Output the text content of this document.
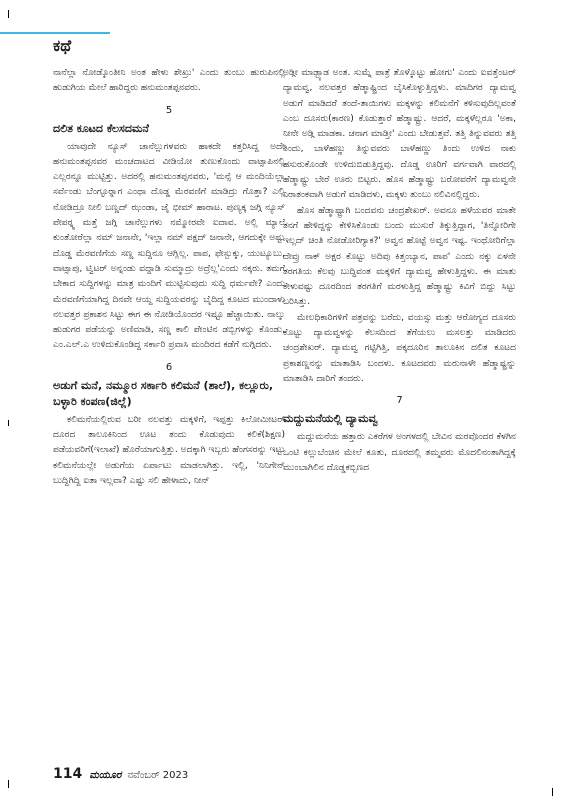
ಕಥೆ

ನಾನೆಲ್ಲಾ ನೋಡ್ಕೊಂತೀನಿ ಅಂತ ಹೇಳು ಶೇಖ್ರು' ಎಂದು ತುಂಬು ಹುರುಪಿನಲ್ಲಿ ಹುಡುಗಿಯ ಮೇಲೆ ಹಾರಿದ್ದರು ಹನುಮಂತಪ್ಪನವರು.

5
ದಲಿತ ಕೂಟದ ಕೆಲಸದಮನೆ

ಯಾವುದೇ ನ್ಯೂಸ್ ಚಾನೆಲ್ಲುಗಳವರು ಹಾಕದೇ ಕತ್ತರಿಸಿದ್ದ ಅದೇ ಹನುಮಂತಪ್ಪನವರ ಮಂಚದಾಟದ ವೀಡಿಯೋ ತುಣುಕೊಂದು ವಾಟ್ಸಾಪಿನಲ್ಲಿ ಎಲ್ಲರನ್ನೂ ಮುಟ್ಟಿತ್ತು. ಅದರಲ್ಲಿ ಹನುಮಂತಪ್ಪನವರು, 'ಮನ್ಸೆ ಆ ಮಂದಿಯೆಲ್ಲಾ ಸರ್ವೆಂಡು ಬೆಂಗ್ಳೂರ್‍ನಾಗ ಎಂಥಾ ದೊಡ್ಡ ಮೆರವಣಿಗೆ ಮಾಡಿದ್ರು ಗೊತ್ತಾ? ಎಲ್ಲಿ ನೋಡಿದ್ರೂ ನೀಲಿ ಬಣ್ಣದ್ ಝಂಡಾ, ಜೈ ಭೀಮ್ ಹಾರಾಟ. ಪುಣ್ಯಕ್ಕ ಜಗ್ಗಿ ನ್ಯೂಸ್ ಪೇಪರ್‍ನ್ನ ಮತ್ತೆ ಜಗ್ಗಿ ಚಾನೆಲ್ಲುಗಳು ನಮ್ಮೋರವೇ ಐದಾವ. ಅಲ್ಲಿ ಮ್ಯಾಲೆ ಕುಂತೋರೆಲ್ಲಾ ನಮ್ ಜನಾನೇ, 'ಇಲ್ಲಾ ನಮ್ ಪಕ್ಷದ್ ಜನಾನೇ, ಆಗದುಕ್ಕೇ ಅಷ್ಟು ದೊಡ್ಡ ಮೆರವಣಿಗೆಯ ಸಣ್ಣ ಸುದ್ದಿನೂ ಆಗ್ಲಿಲ್ಲ. ಪಾಪ, ಫೇಸ್ಬುಕ್ಕು, ಯುಟ್ಯೂಬು, ವಾಟ್ಸಾಪು, ಟ್ವಿಟರ್ ಅನ್ನಂಡು ವದ್ದಾಡಿ ಸುಮ್ಮಾದ್ರು ಅದ್ರೆಲ್ಲ'ಎಂದು ನಕ್ಕರು. ತಮಗೆ ಬೇಕಾದ ಸುದ್ದಿಗಳನ್ನು ಮಾತ್ರ ಮಂದಿಗೆ ಮುಟ್ಟಿಸುವುದು ಸುದ್ದಿ ಧರ್ಮವೇ? ಎಂದು ಮೆರವಣಿಗೆಯಾಗಿದ್ದ ದಿನವೇ ಆಯ್ದ ಸುದ್ದಿಯವರನ್ನು ಬೈದಿದ್ದ ಕೂಟದ ಮುಂದಾಳು ನಲವತ್ತರ ಪ್ರಕಾಶನ ಸಿಟ್ಟು ಈಗ ಈ ನೋಡಿಯೊಂದರ ಇಷ್ಟೂ ಹೆಚ್ಚಾಯಿತು. ನಾಲ್ಕು ಹುಡುಗರ ಪಡೆಯನ್ನು ಅಣಿಮಾಡಿ, ಸಣ್ಣ ಕಾಲಿ ಪೇಂಟಿನ ಡಬ್ಬಿಗಳನ್ನು ಕೊಂಡು, ಎಂ.ಎಲ್.ಎ ಉಳಿದುಕೊಂಡಿದ್ದ ಸರ್ಕಾರಿ ಪ್ರವಾಸಿ ಮಂದಿರದ ಕಡೆಗೆ ನುಗ್ಗಿದರು.

6
ಅಡುಗೆ ಮನೆ, ನಮ್ಮೂರ ಸರ್ಕಾರಿ ಕಲಿಮನೆ (ಶಾಲೆ), ಕಲ್ಲೂರು, ಬಳ್ಳಾರಿ ಕಂಪಣ(ಜಿಲ್ಲೆ)

ಕಲಿಮನೆಯಲ್ಲಿರುವ ಬರೀ ನಲವತ್ತು ಮಕ್ಕಳಿಗೆ, ಇಪ್ಪತ್ತು ಕಿಲೋಮೀಟರ್ ದೂರದ ತಾಲೂಕಿನಿಂದ ಊಟ ತಂದು ಕೊಡುವುದು ಕಲಿಕೆ(ಶಿಕ್ಷಣ) ಪಡೆಯವರಿಗೆ(ಇಲಾಖೆ) ಹೊರೆಯಾಗುತ್ತಿತ್ತು. ಅದಕ್ಕಾಗಿ ಇಬ್ಬರು ಹೆಂಗಸರನ್ನು ಇಟ್ಟು ಕಲಿಮನೆಯಲ್ಲೇ ಅಡುಗೆಯ ಏರ್ಪಾಟು ಮಾಡಲಾಗಿತ್ತು. ಇಲ್ಲಿ, 'ನಿನಿಗೇನ್ ಬುದ್ದಿಗಿದ್ದಿ ಐತಾ ಇಲ್ಲವಾ? ಎಷ್ಟು ಸಲಿ ಹೇಳಾದು, ನೀನ್

ಅಡ್ಗೀ ಮಾಡ್ಬ್ಯಾಡ ಅಂತ. ಸುಮ್ನೆ ಪಾತ್ರೆ ತೊಳ್ಕೊಟ್ಟು ಹೋಗು' ಎಂದು ಐವತ್ತೆಂಟರ್ ದ್ಯಾಮವ್ವ, ನಲವತ್ತರ ಹೆಡ್ಮಾಷ್ಟ್ರಿಂದ ಬೈಸಿಕೊಳ್ಳುತ್ತಿದ್ದಳು. ಮಾದಿಗರ ದ್ಯಾಮವ್ವ ಅಡುಗೆ ಮಾಡಿದರೆ ತಂದೆ-ತಾಯಿಗಳು ಮಕ್ಕಳನ್ನು ಕಲಿಮನೆಗೆ ಕಳಿಸುವುದಿಲ್ಲವಂತೆ ಎಂಬ ದೂಸರು(ಕಾರಣ) ಕೊಡುತ್ತಾರೆ ಹೆಡ್ಮಾಷ್ಟ್ರು. ಆದರೆ, ಮಕ್ಕಳೆಲ್ಲರೂ 'ಅಕಾ, ನೀನೇ ಅಡ್ಗಿ ಮಾಡಕಾ. ಚನಾಗ ಮಾಡ್ತೀ' ಎಂದು ಬೇಡುತ್ತವೆ. ತತ್ತಿ ತಿನ್ನುವವರು ತತ್ತಿ ತಿಂದು, ಬಾಳೆಹಣ್ಣು ತಿನ್ನುವವರು ಬಾಳೆಹಣ್ಣು ತಿಂದು ಉಳಿದ ನಾಕು ಹಸುರುಕೊಂಡೇ ಉಳಿದುಬಿಡುತ್ತಿದ್ದವು. ದೊಡ್ಡ ಊರಿಗೆ ವರ್ಗವಾಗಿ ವಾರದಲ್ಲಿ ಹೆಡ್ಮಾಷ್ಟ್ರು ಬೇರೆ ಊರು ಬಿಟ್ಟರು. ಹೊಸ ಹೆಡ್ಮಾಷ್ಟ್ರು ಬರೋವರೆಗೆ ದ್ಯಾಮವ್ವನೇ ನಿರಾತಂಕವಾಗಿ ಅಡುಗೆ ಮಾಡಿದಳು, ಮಕ್ಕಳು ತುಂಬು ನಲಿವಿನಲ್ಲಿದ್ದರು.

ಹೊಸ ಹೆಡ್ಮಾಷ್ಟ್ರಾಗಿ ಬಂದವನು ಚಂದ್ರಶೇಖರ್. ಅವನೂ ಹಳೆಯವರ ಮಾತೇ ತನಗೆ ಹೇಳಿದ್ದನ್ನು ಕೇಳಿಸಿಕೊಂಡು ಬಂದು ಮುಸುರೆ ತಿಕ್ಕುತ್ತಿದ್ದಾಗ, 'ತಿನ್ನೋರಿಗೇ ಇಲ್ಲದ್ ಚಿಂತಿ ನೋಡೋರಿಗ್ಯಾಕ?' ಅವ್ವನ ಹೊಟ್ಟೆ ಅವ್ವನ ಇಷ್ಟ. ಇಂಥೋರಿಗೆಲ್ಲಾ ದೇವ್ರು ನಾಕ್ ಅಕ್ಷರ ಕೊಟ್ಟು ಅದಿವು ಕಿತ್ತಂಬ್ಯಾನ, ಪಾಪ' ಎಂದು ನಕ್ಕು ಏಳನೇ ತರಗತಿಯ ಕೆಲವು ಬುದ್ಧಿವಂತ ಮಕ್ಕಳಿಗೆ ದ್ಯಾಮವ್ವ ಹೇಳುತ್ತಿದ್ದಳು. ಈ ಮಾತು ಕೇಳುವಷ್ಟು ದೂರದಿಂದ ತರಗತಿಗೆ ಮರಳುತ್ತಿದ್ದ ಹೆಡ್ಮಾಷ್ಟ್ರು ಕಿವಿಗೆ ಬಿದ್ದು ಸಿಟ್ಟು ಬರಿಸಿತ್ತು.

ಮೇಲಧಿಕಾರಿಗಳಿಗೆ ಪತ್ರವನ್ನು ಬರೆದು, ವಯಸ್ಸು ಮತ್ತು ಆರೋಗ್ಯದ ದೂಸರು ಕೊಟ್ಟು ದ್ಯಾಮವ್ವಳನ್ನು ಕೆಲಸದಿಂದ ತೆಗೆಯಲು ಮಸಲತ್ತು ಮಾಡಿದರು ಚಂದ್ರಶೇಖರ್. ದ್ಯಾಮವ್ವ ಗಟ್ಟಿಗಿತ್ತಿ, ಪಕ್ಕದೂರಿನ ತಾಲೂಕಿನ ದಲಿತ ಕೂಟದ ಪ್ರಕಾಶಣ್ಣನನ್ನು ಮಾತಾಡಿಸಿ ಬಂದಳು. ಕೂಟದವರು ಮರುನಾಳೇ ಹೆಡ್ಮಾಷ್ಟ್ರನ್ನು ಮಾತಾಡಿಸಿ ದಾರಿಗೆ ತಂದರು.

7
ಮದ್ದುಮನೆಯಲ್ಲಿ ದ್ಯಾಮವ್ವ

ಮದ್ದುಮನೆಯ ಹತ್ತಾರು ಎಕರೆಗಳ ಅಂಗಳದಲ್ಲಿ ಬೇವಿನ ಮರವೊಂದರ ಕೆಳಗಿನ ಒಂಟಿ ಕಲ್ಲುಬೆಂಚಿನ ಮೇಲೆ ಕೂತು, ದೂರದಲ್ಲಿ ತಮ್ಮವರು ಮೊದಲಿನಂತಾಗಿದ್ದಕ್ಕೆ ಮುಂಬಾಗಿಲಿನ ದೊಡ್ಡಕಬ್ಬಿಣದ

114 ಮಯೂರ ನವೆಂಬರ್ 2023
